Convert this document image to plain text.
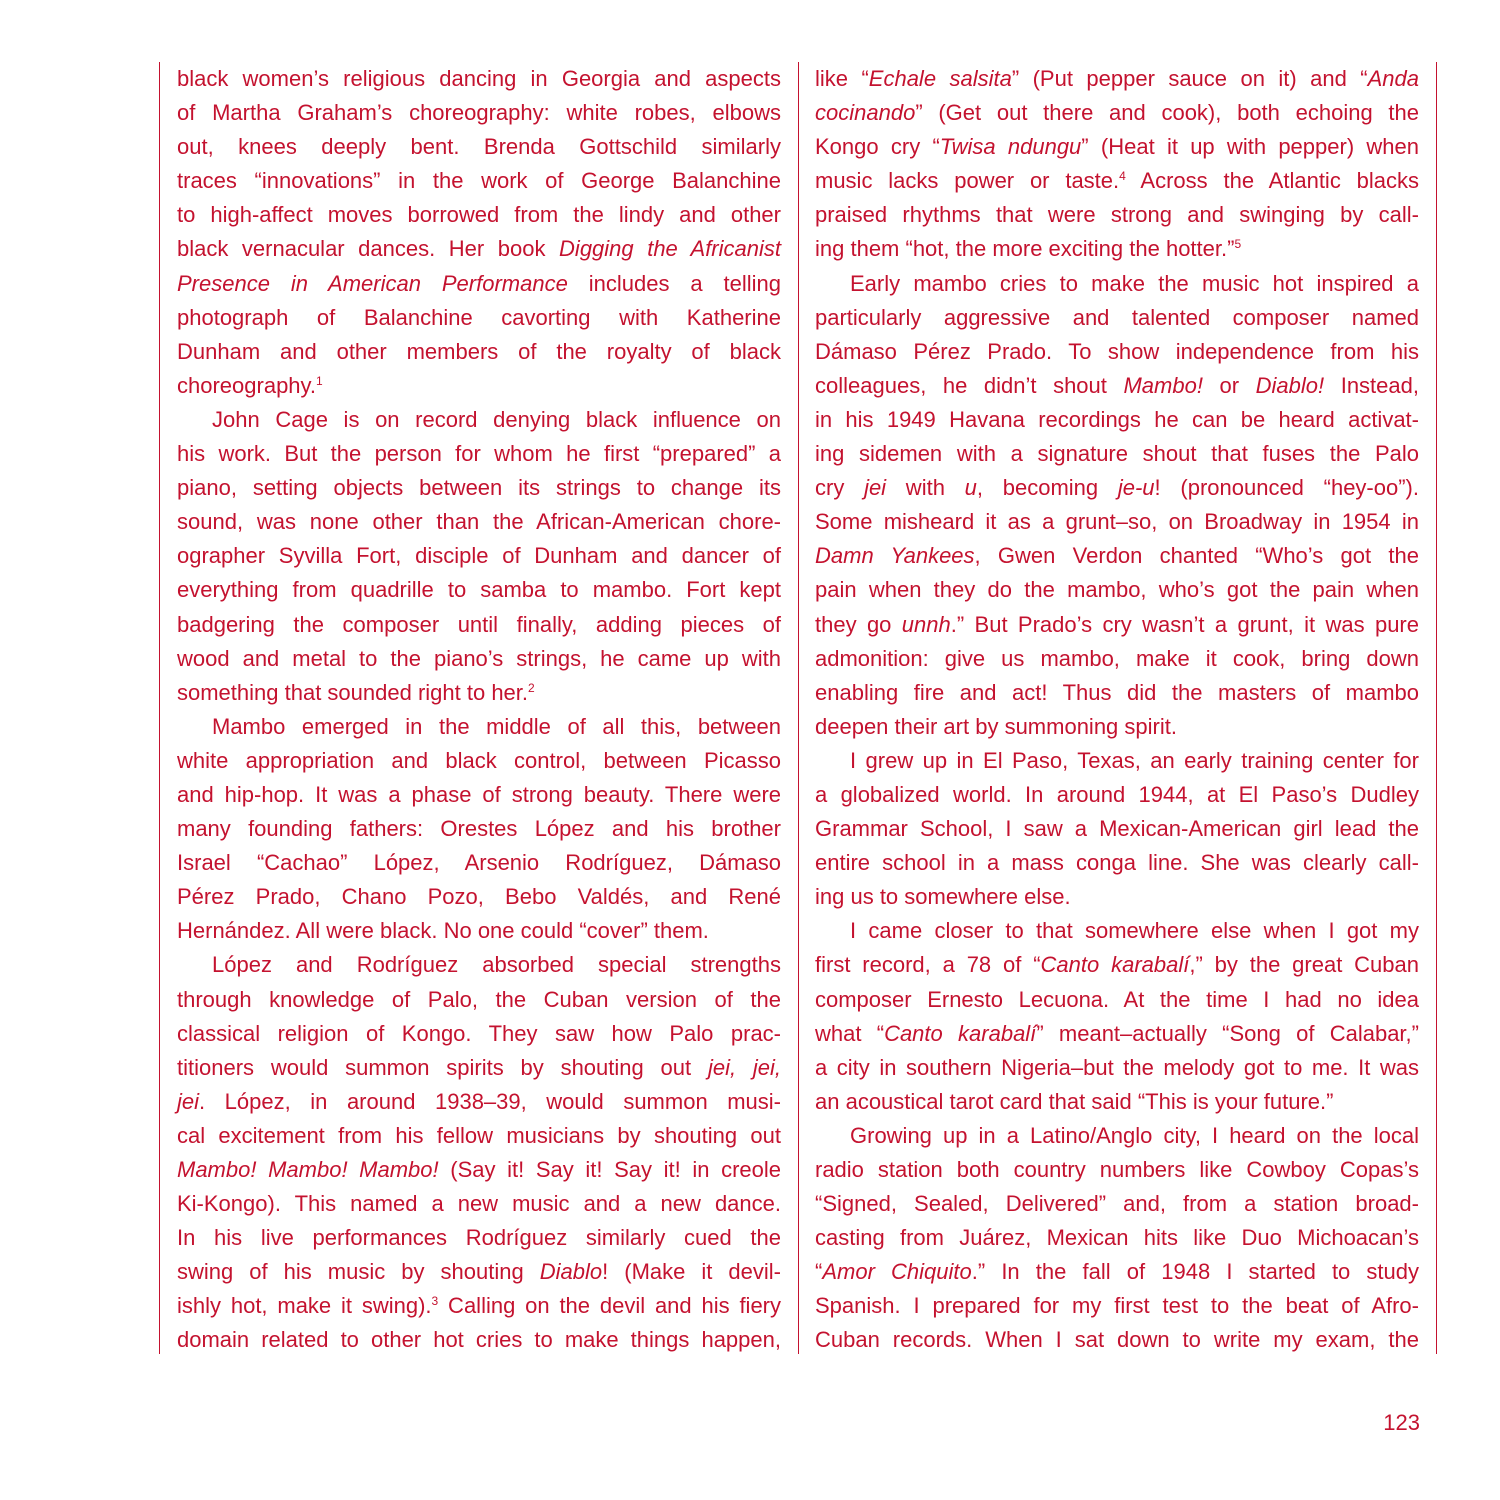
black women’s religious dancing in Georgia and aspects
of Martha Graham’s choreography: white robes, elbows
out, knees deeply bent. Brenda Gottschild similarly
traces “innovations” in the work of George Balanchine
to high-affect moves borrowed from the lindy and other
black vernacular dances. Her book Digging the Africanist
Presence in American Performance includes a telling
photograph of Balanchine cavorting with Katherine
Dunham and other members of the royalty of black
choreography.$^1$
John Cage is on record denying black influence on
his work. But the person for whom he first “prepared” a
piano, setting objects between its strings to change its
sound, was none other than the African-American chore-
ographer Syvilla Fort, disciple of Dunham and dancer of
everything from quadrille to samba to mambo. Fort kept
badgering the composer until finally, adding pieces of
wood and metal to the piano’s strings, he came up with
something that sounded right to her.$^2$
Mambo emerged in the middle of all this, between
white appropriation and black control, between Picasso
and hip-hop. It was a phase of strong beauty. There were
many founding fathers: Orestes López and his brother
Israel “Cachao” López, Arsenio Rodríguez, Dámaso
Pérez Prado, Chano Pozo, Bebo Valdés, and René
Hernández. All were black. No one could “cover” them.
López and Rodríguez absorbed special strengths
through knowledge of Palo, the Cuban version of the
classical religion of Kongo. They saw how Palo prac-
titioners would summon spirits by shouting out jei, jei,
jei. López, in around 1938–39, would summon musi-
cal excitement from his fellow musicians by shouting out
Mambo! Mambo! Mambo! (Say it! Say it! Say it! in creole
Ki-Kongo). This named a new music and a new dance.
In his live performances Rodríguez similarly cued the
swing of his music by shouting Diablo! (Make it devil-
ishly hot, make it swing).$^3$ Calling on the devil and his fiery
domain related to other hot cries to make things happen,
like “Echale salsita” (Put pepper sauce on it) and “Anda
cocinando” (Get out there and cook), both echoing the
Kongo cry “Twisa ndungu” (Heat it up with pepper) when
music lacks power or taste.$^4$ Across the Atlantic blacks
praised rhythms that were strong and swinging by call-
ing them “hot, the more exciting the hotter.”$^5$
Early mambo cries to make the music hot inspired a
particularly aggressive and talented composer named
Dámaso Pérez Prado. To show independence from his
colleagues, he didn’t shout Mambo! or Diablo! Instead,
in his 1949 Havana recordings he can be heard activat-
ing sidemen with a signature shout that fuses the Palo
cry jei with u, becoming je-u! (pronounced “hey-oo”).
Some misheard it as a grunt–so, on Broadway in 1954 in
Damn Yankees, Gwen Verdon chanted “Who’s got the
pain when they do the mambo, who’s got the pain when
they go unnh.” But Prado’s cry wasn’t a grunt, it was pure
admonition: give us mambo, make it cook, bring down
enabling fire and act! Thus did the masters of mambo
deepen their art by summoning spirit.
I grew up in El Paso, Texas, an early training center for
a globalized world. In around 1944, at El Paso’s Dudley
Grammar School, I saw a Mexican-American girl lead the
entire school in a mass conga line. She was clearly call-
ing us to somewhere else.
I came closer to that somewhere else when I got my
first record, a 78 of “Canto karabalí,” by the great Cuban
composer Ernesto Lecuona. At the time I had no idea
what “Canto karabalí” meant–actually “Song of Calabar,”
a city in southern Nigeria–but the melody got to me. It was
an acoustical tarot card that said “This is your future.”
Growing up in a Latino/Anglo city, I heard on the local
radio station both country numbers like Cowboy Copas’s
“Signed, Sealed, Delivered” and, from a station broad-
casting from Juárez, Mexican hits like Duo Michoacan’s
“Amor Chiquito.” In the fall of 1948 I started to study
Spanish. I prepared for my first test to the beat of Afro-
Cuban records. When I sat down to write my exam, the
123
